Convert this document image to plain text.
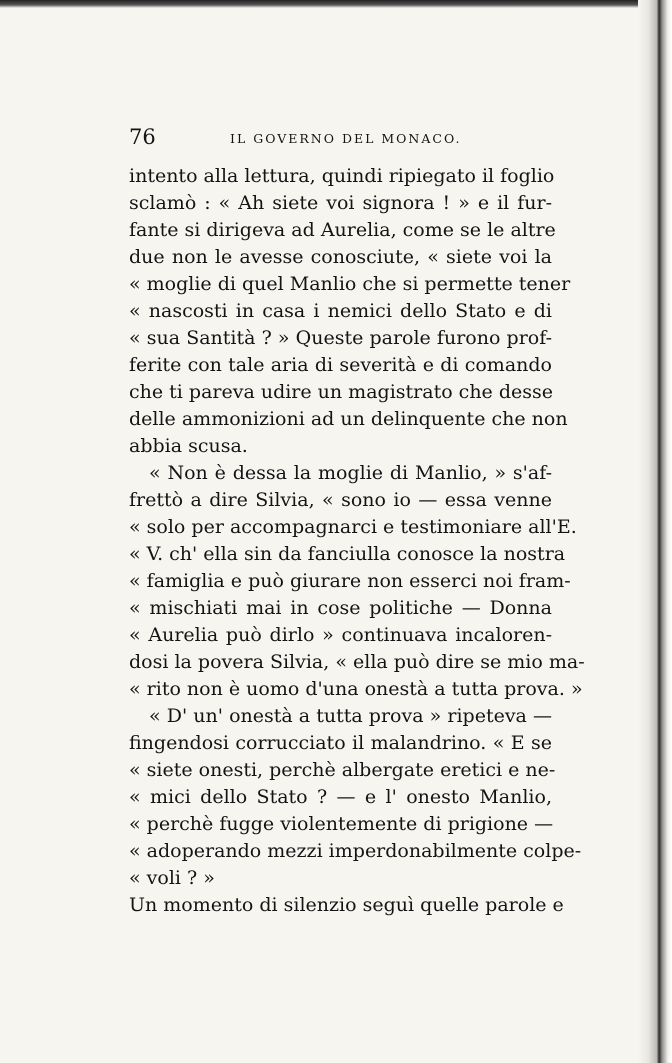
76	IL GOVERNO DEL MONACO.
intento alla lettura, quindi ripiegato il foglio
sclamò : « Ah siete voi signora ! » e il fur-
fante si dirigeva ad Aurelia, come se le altre
due non le avesse conosciute, « siete voi la
« moglie di quel Manlio che si permette tener
« nascosti in casa i nemici dello Stato e di
« sua Santità ? » Queste parole furono prof-
ferite con tale aria di severità e di comando
che ti pareva udire un magistrato che desse
delle ammonizioni ad un delinquente che non
abbia scusa.
« Non è dessa la moglie di Manlio, » s'af-
frettò a dire Silvia, « sono io — essa venne
« solo per accompagnarci e testimoniare all'E.
« V. ch' ella sin da fanciulla conosce la nostra
« famiglia e può giurare non esserci noi fram-
« mischiati mai in cose politiche — Donna
« Aurelia può dirlo » continuava incaloren-
dosi la povera Silvia, « ella può dire se mio ma-
« rito non è uomo d'una onestà a tutta prova. »
« D' un' onestà a tutta prova » ripeteva —
fingendosi corrucciato il malandrino. « E se
« siete onesti, perchè albergate eretici e ne-
« mici dello Stato ? — e l' onesto Manlio,
« perchè fugge violentemente di prigione —
« adoperando mezzi imperdonabilmente colpe-
« voli ? »
Un momento di silenzio seguì quelle parole e
